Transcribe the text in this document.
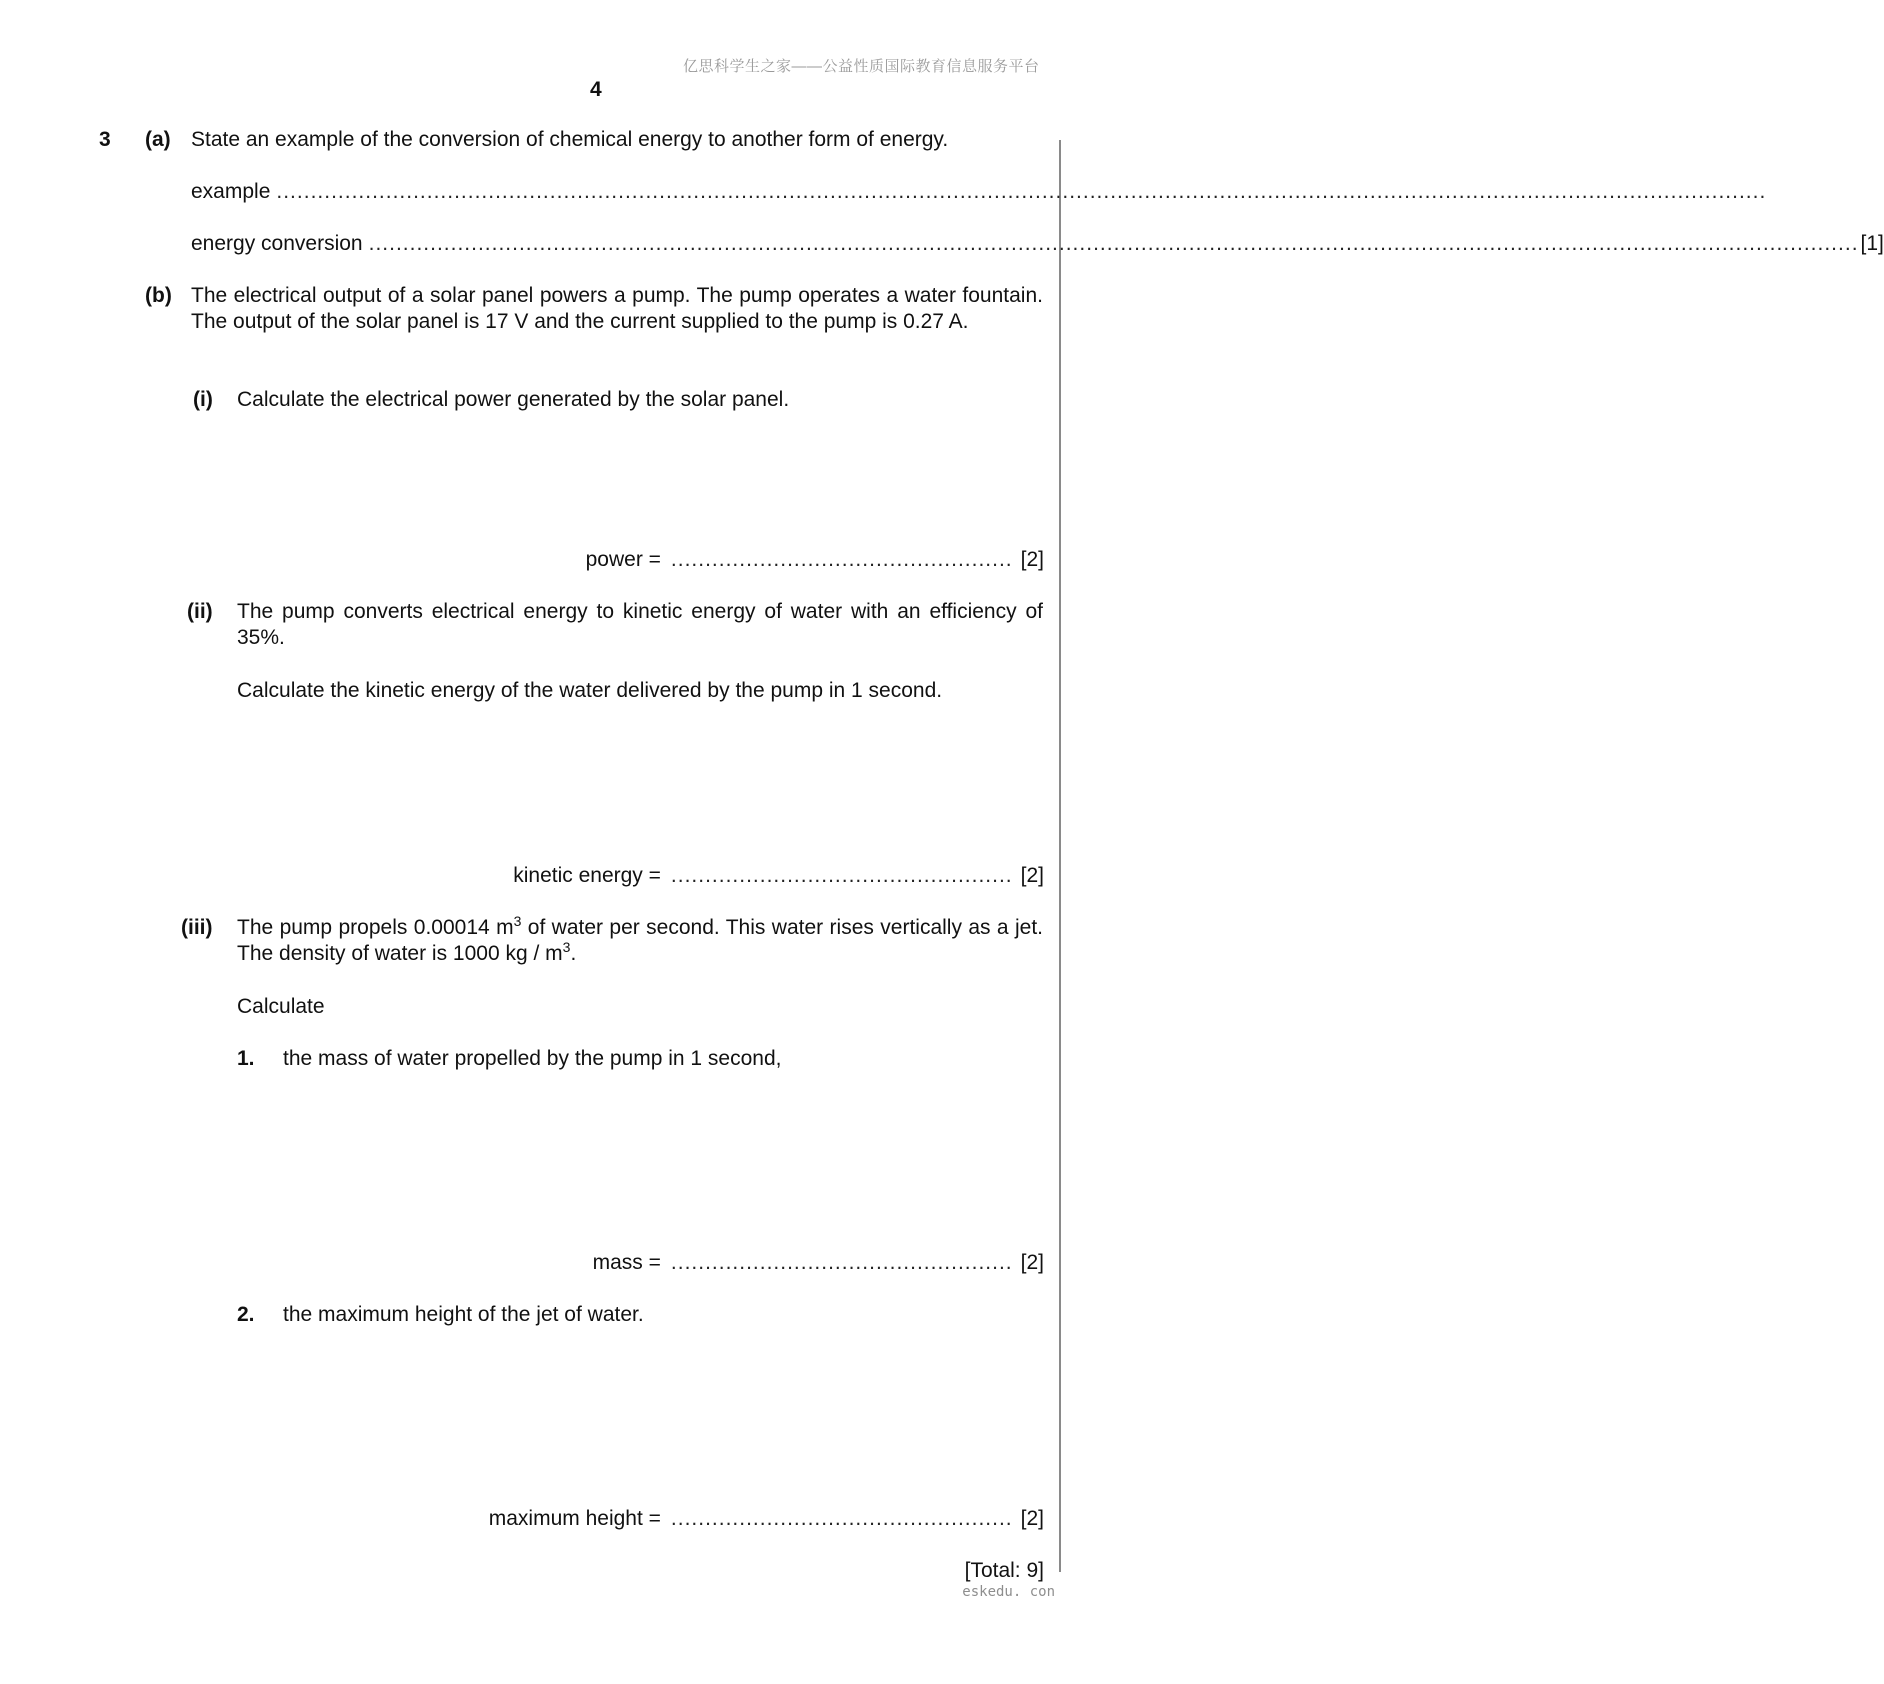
亿思科学生之家——公益性质国际教育信息服务平台
4
3 (a) State an example of the conversion of chemical energy to another form of energy.
example ..........................................................................................................................................................................................................................
energy conversion .......................................................................................................................................................................................................................... [1]
(b) The electrical output of a solar panel powers a pump. The pump operates a water fountain. The output of the solar panel is 17 V and the current supplied to the pump is 0.27 A.
(i) Calculate the electrical power generated by the solar panel.
power = .................................................. [2]
(ii) The pump converts electrical energy to kinetic energy of water with an efficiency of 35%.
Calculate the kinetic energy of the water delivered by the pump in 1 second.
kinetic energy = .................................................. [2]
(iii) The pump propels 0.00014 $m^3$ of water per second. This water rises vertically as a jet. The density of water is 1000 kg / $m^3$.
Calculate
1. the mass of water propelled by the pump in 1 second,
mass = .................................................. [2]
2. the maximum height of the jet of water.
maximum height = .................................................. [2]
[Total: 9]
eskedu. con
